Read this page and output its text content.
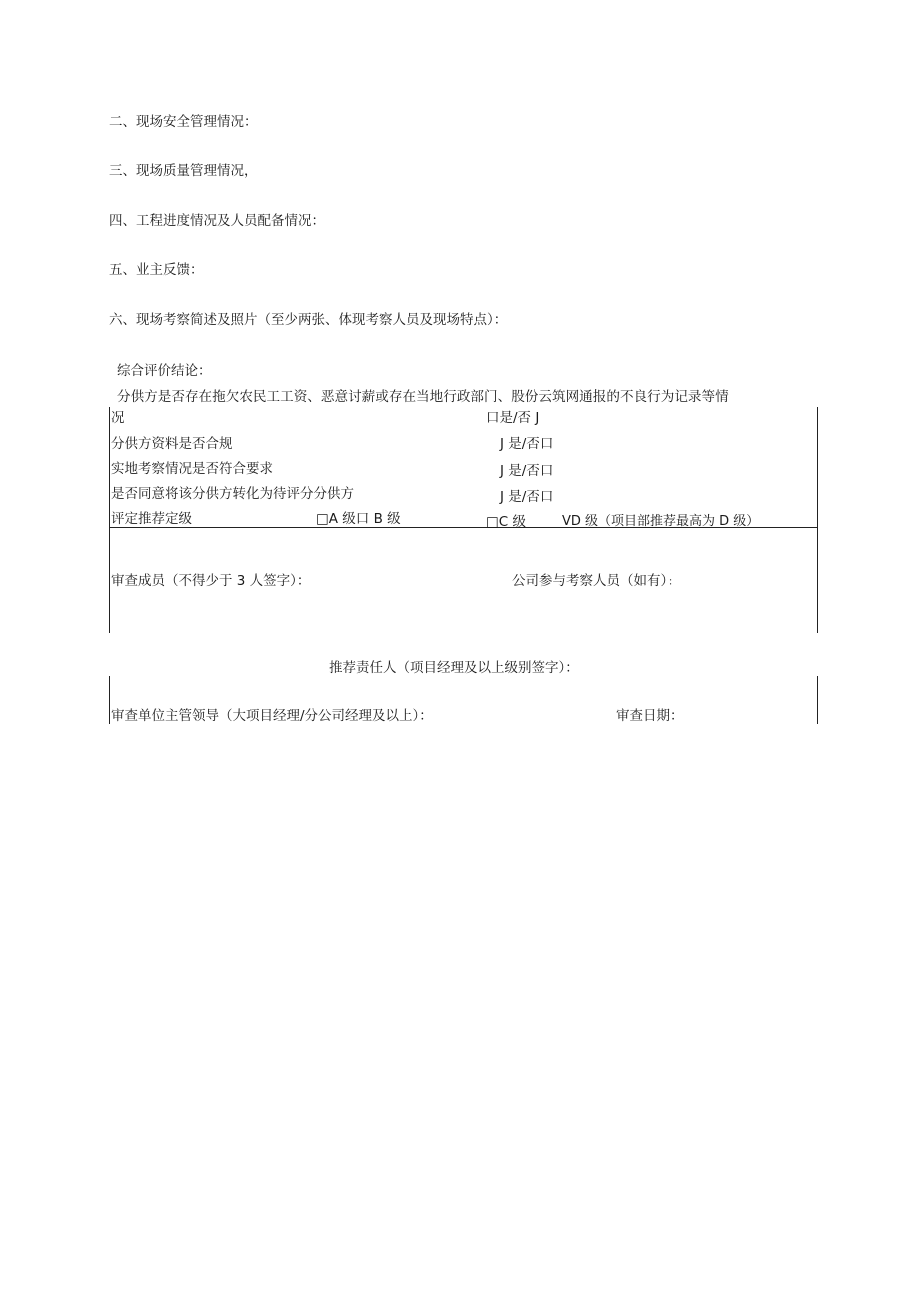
二、现场安全管理情况：
三、现场质量管理情况，
四、工程进度情况及人员配备情况：
五、业主反馈：
六、现场考察简述及照片（至少两张、体现考察人员及现场特点）：
综合评价结论：
分供方是否存在拖欠农民工工资、恶意讨薪或存在当地行政部门、股份云筑网通报的不良行为记录等情
况	口是/否 J
分供方资料是否合规	J 是/否口
实地考察情况是否符合要求	J 是/否口
是否同意将该分供方转化为待评分分供方	J 是/否口
评定推荐定级	□A 级口 B 级	□C 级	VD 级（项目部推荐最高为 D 级）
审查成员（不得少于 3 人签字）：	公司参与考察人员（如有）：
推荐责任人（项目经理及以上级别签字）：
审查单位主管领导（大项目经理/分公司经理及以上）：	审查日期：
